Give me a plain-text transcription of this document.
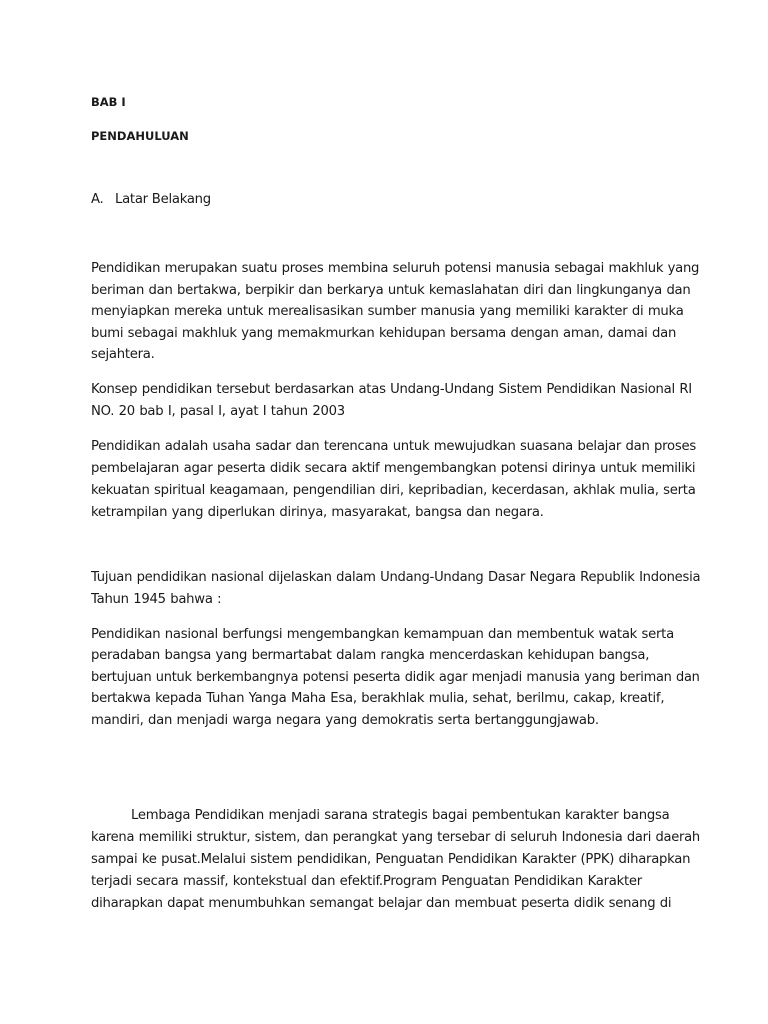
BAB I
PENDAHULUAN
A. Latar Belakang
Pendidikan merupakan suatu proses membina seluruh potensi manusia sebagai makhluk yang
beriman dan bertakwa, berpikir dan berkarya untuk kemaslahatan diri dan lingkunganya dan
menyiapkan mereka untuk merealisasikan sumber manusia yang memiliki karakter di muka
bumi sebagai makhluk yang memakmurkan kehidupan bersama dengan aman, damai dan
sejahtera.
Konsep pendidikan tersebut berdasarkan atas Undang-Undang Sistem Pendidikan Nasional RI
NO. 20 bab I, pasal I, ayat I tahun 2003
Pendidikan adalah usaha sadar dan terencana untuk mewujudkan suasana belajar dan proses
pembelajaran agar peserta didik secara aktif mengembangkan potensi dirinya untuk memiliki
kekuatan spiritual keagamaan, pengendilian diri, kepribadian, kecerdasan, akhlak mulia, serta
ketrampilan yang diperlukan dirinya, masyarakat, bangsa dan negara.
Tujuan pendidikan nasional dijelaskan dalam Undang-Undang Dasar Negara Republik Indonesia
Tahun 1945 bahwa :
Pendidikan nasional berfungsi mengembangkan kemampuan dan membentuk watak serta
peradaban bangsa yang bermartabat dalam rangka mencerdaskan kehidupan bangsa,
bertujuan untuk berkembangnya potensi peserta didik agar menjadi manusia yang beriman dan
bertakwa kepada Tuhan Yanga Maha Esa, berakhlak mulia, sehat, berilmu, cakap, kreatif,
mandiri, dan menjadi warga negara yang demokratis serta bertanggungjawab.
Lembaga Pendidikan menjadi sarana strategis bagai pembentukan karakter bangsa
karena memiliki struktur, sistem, dan perangkat yang tersebar di seluruh Indonesia dari daerah
sampai ke pusat.Melalui sistem pendidikan, Penguatan Pendidikan Karakter (PPK) diharapkan
terjadi secara massif, kontekstual dan efektif.Program Penguatan Pendidikan Karakter
diharapkan dapat menumbuhkan semangat belajar dan membuat peserta didik senang di
